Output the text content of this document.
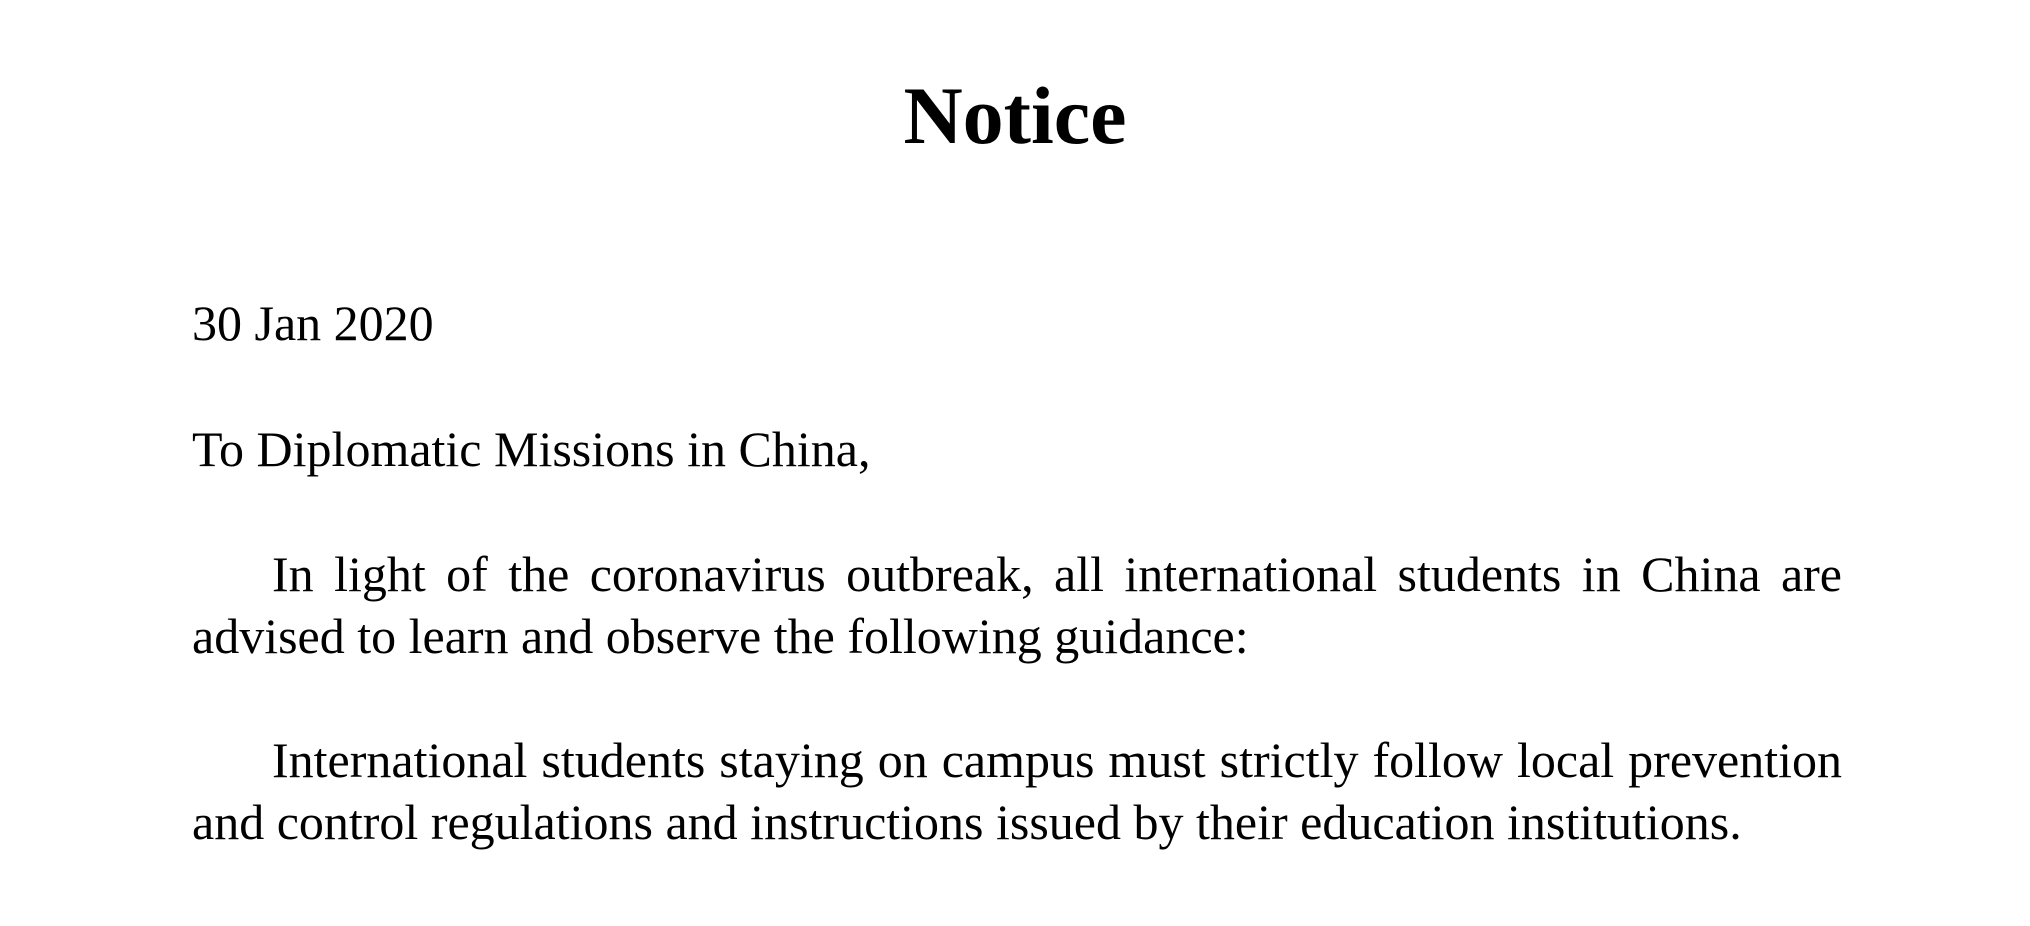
Notice

30 Jan 2020

To Diplomatic Missions in China,

In light of the coronavirus outbreak, all international students in China are advised to learn and observe the following guidance:

International students staying on campus must strictly follow local prevention and control regulations and instructions issued by their education institutions.
